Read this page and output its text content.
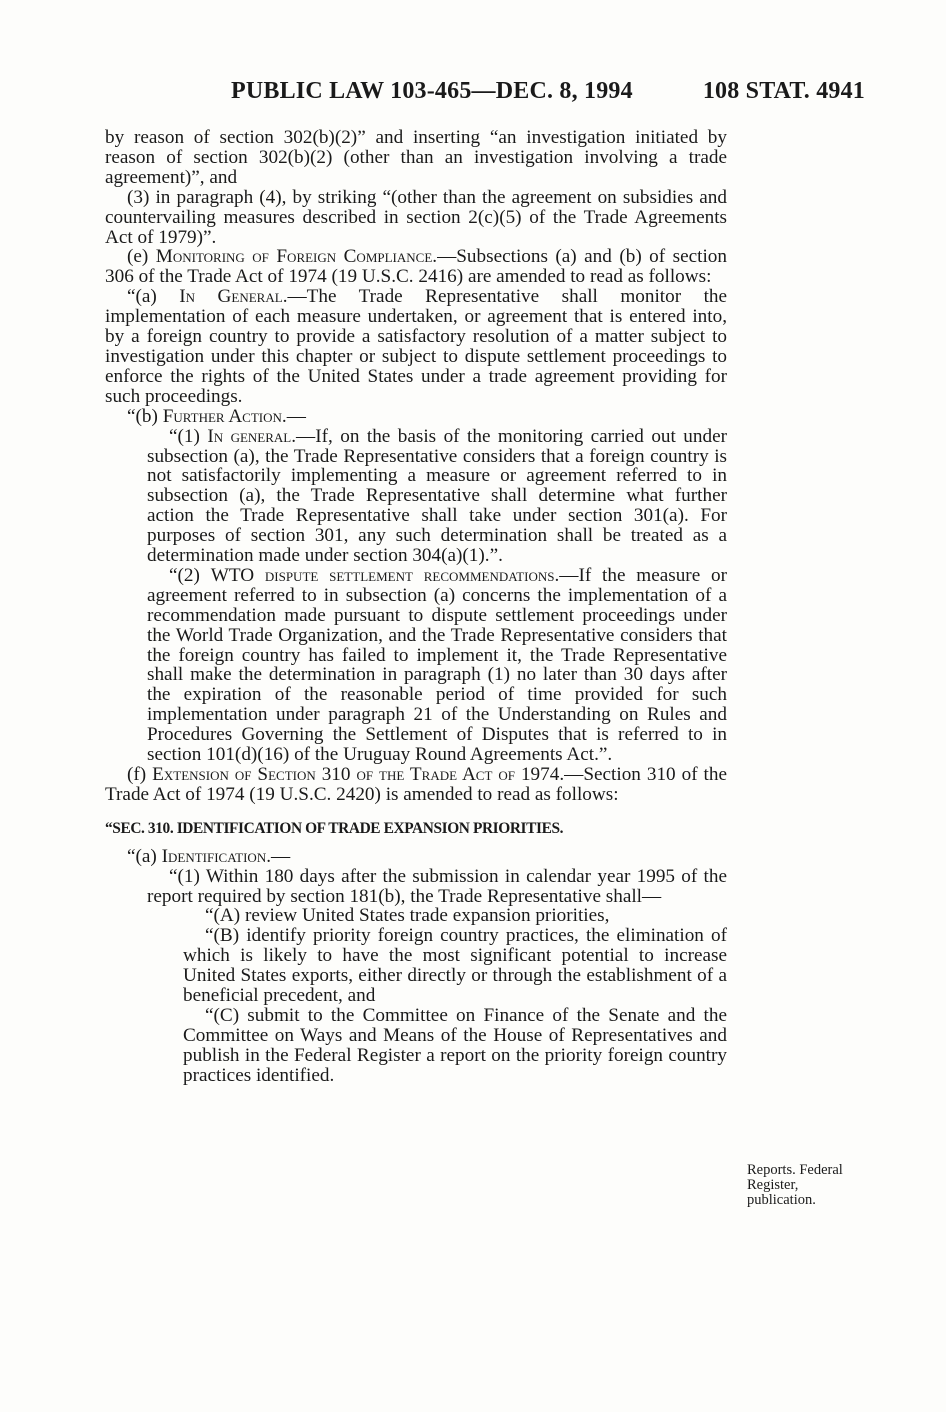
PUBLIC LAW 103-465—DEC. 8, 1994	108 STAT. 4941

by reason of section 302(b)(2)” and inserting “an investigation initiated by reason of section 302(b)(2) (other than an investigation involving a trade agreement)”, and

(3) in paragraph (4), by striking “(other than the agreement on subsidies and countervailing measures described in section 2(c)(5) of the Trade Agreements Act of 1979)”.

(e) Monitoring of Foreign Compliance.—Subsections (a) and (b) of section 306 of the Trade Act of 1974 (19 U.S.C. 2416) are amended to read as follows:

“(a) In General.—The Trade Representative shall monitor the implementation of each measure undertaken, or agreement that is entered into, by a foreign country to provide a satisfactory resolution of a matter subject to investigation under this chapter or subject to dispute settlement proceedings to enforce the rights of the United States under a trade agreement providing for such proceedings.

“(b) Further Action.—

“(1) In general.—If, on the basis of the monitoring carried out under subsection (a), the Trade Representative considers that a foreign country is not satisfactorily implementing a measure or agreement referred to in subsection (a), the Trade Representative shall determine what further action the Trade Representative shall take under section 301(a). For purposes of section 301, any such determination shall be treated as a determination made under section 304(a)(1).”.

“(2) WTO dispute settlement recommendations.—If the measure or agreement referred to in subsection (a) concerns the implementation of a recommendation made pursuant to dispute settlement proceedings under the World Trade Organization, and the Trade Representative considers that the foreign country has failed to implement it, the Trade Representative shall make the determination in paragraph (1) no later than 30 days after the expiration of the reasonable period of time provided for such implementation under paragraph 21 of the Understanding on Rules and Procedures Governing the Settlement of Disputes that is referred to in section 101(d)(16) of the Uruguay Round Agreements Act.”.

(f) Extension of Section 310 of the Trade Act of 1974.—Section 310 of the Trade Act of 1974 (19 U.S.C. 2420) is amended to read as follows:

“SEC. 310. IDENTIFICATION OF TRADE EXPANSION PRIORITIES.

“(a) Identification.—

“(1) Within 180 days after the submission in calendar year 1995 of the report required by section 181(b), the Trade Representative shall—

“(A) review United States trade expansion priorities,

“(B) identify priority foreign country practices, the elimination of which is likely to have the most significant potential to increase United States exports, either directly or through the establishment of a beneficial precedent, and

“(C) submit to the Committee on Finance of the Senate and the Committee on Ways and Means of the House of Representatives and publish in the Federal Register a report on the priority foreign country practices identified.

Reports. Federal Register, publication.
